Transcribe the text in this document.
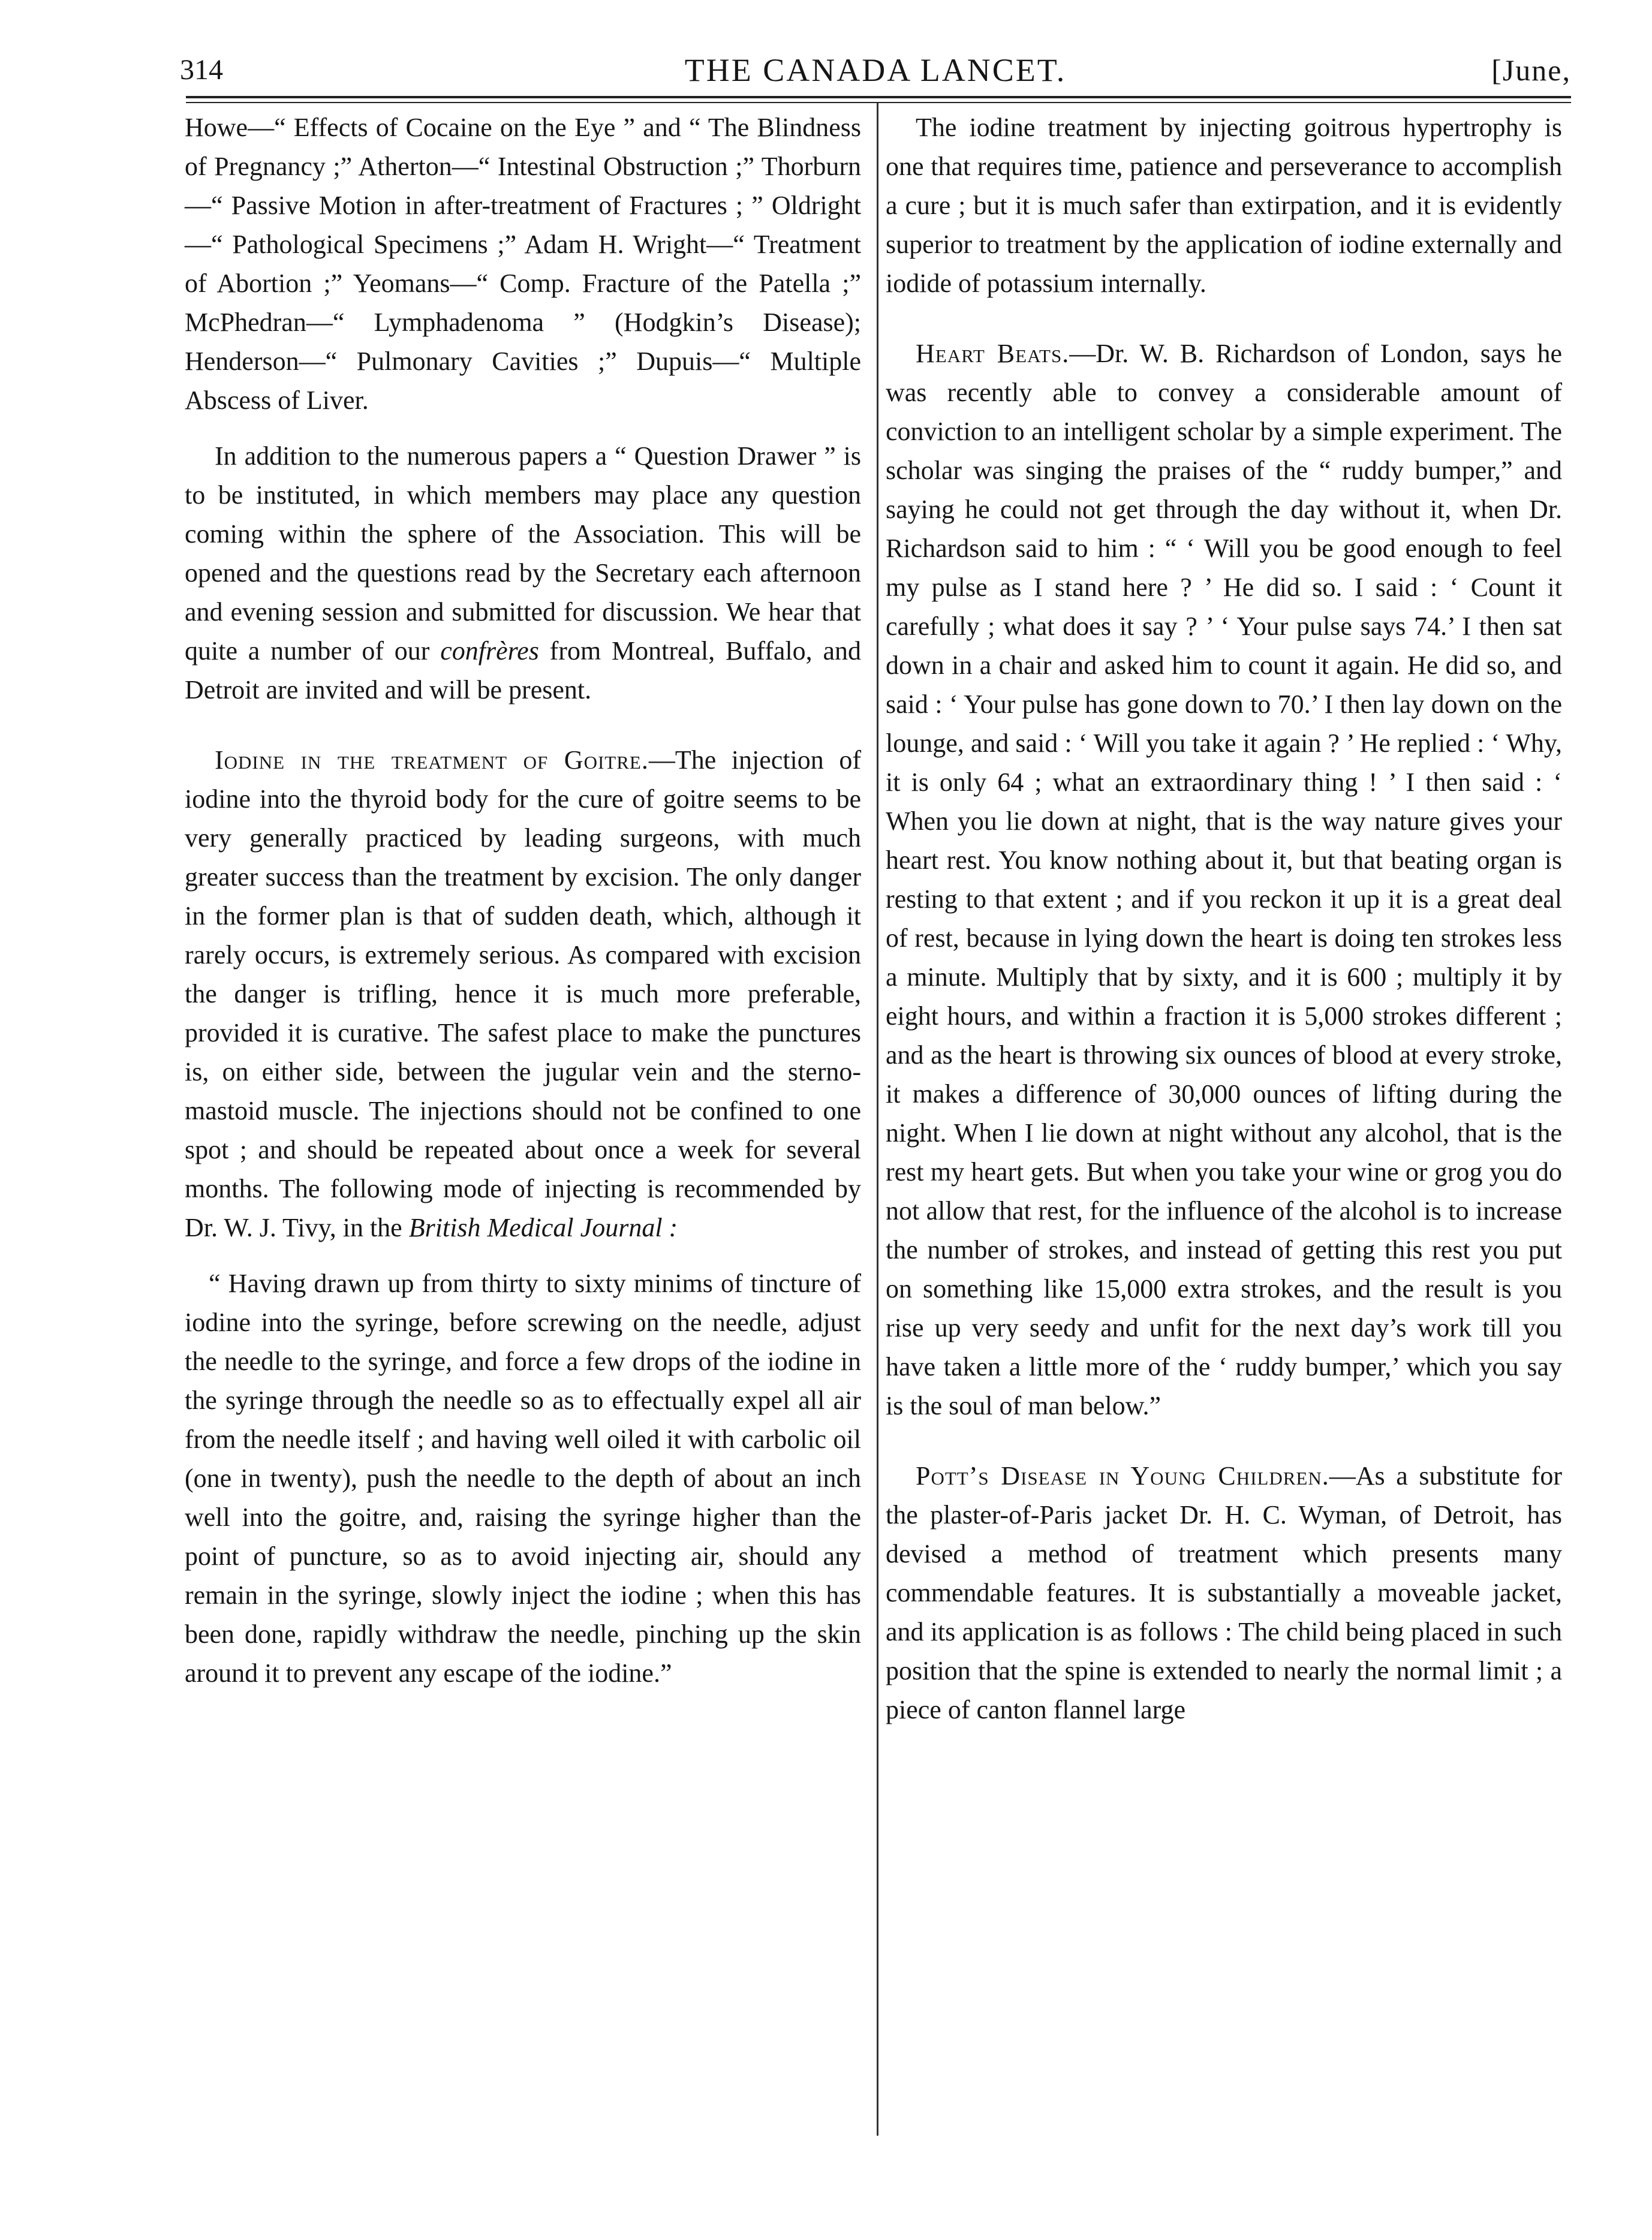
314	THE CANADA LANCET.	[June,

Howe—“ Effects of Cocaine on the Eye ” and “ The Blindness of Pregnancy ;” Atherton—“ Intestinal Obstruction ;” Thorburn—“ Passive Motion in after-treatment of Fractures ; ” Oldright—“ Pathological Specimens ;” Adam H. Wright—“ Treatment of Abortion ;” Yeomans—“ Comp. Fracture of the Patella ;” McPhedran—“ Lymphadenoma ” (Hodgkin’s Disease); Henderson—“ Pulmonary Cavities ;” Dupuis—“ Multiple Abscess of Liver.

In addition to the numerous papers a “ Question Drawer ” is to be instituted, in which members may place any question coming within the sphere of the Association. This will be opened and the questions read by the Secretary each afternoon and evening session and submitted for discussion. We hear that quite a number of our confrères from Montreal, Buffalo, and Detroit are invited and will be present.

Iodine in the treatment of Goitre.—The injection of iodine into the thyroid body for the cure of goitre seems to be very generally practiced by leading surgeons, with much greater success than the treatment by excision. The only danger in the former plan is that of sudden death, which, although it rarely occurs, is extremely serious. As compared with excision the danger is trifling, hence it is much more preferable, provided it is curative. The safest place to make the punctures is, on either side, between the jugular vein and the sterno-mastoid muscle. The injections should not be confined to one spot ; and should be repeated about once a week for several months. The following mode of injecting is recommended by Dr. W. J. Tivy, in the British Medical Journal :

“ Having drawn up from thirty to sixty minims of tincture of iodine into the syringe, before screwing on the needle, adjust the needle to the syringe, and force a few drops of the iodine in the syringe through the needle so as to effectually expel all air from the needle itself ; and having well oiled it with carbolic oil (one in twenty), push the needle to the depth of about an inch well into the goitre, and, raising the syringe higher than the point of puncture, so as to avoid injecting air, should any remain in the syringe, slowly inject the iodine ; when this has been done, rapidly withdraw the needle, pinching up the skin around it to prevent any escape of the iodine.”

The iodine treatment by injecting goitrous hypertrophy is one that requires time, patience and perseverance to accomplish a cure ; but it is much safer than extirpation, and it is evidently superior to treatment by the application of iodine externally and iodide of potassium internally.

Heart Beats.—Dr. W. B. Richardson of London, says he was recently able to convey a considerable amount of conviction to an intelligent scholar by a simple experiment. The scholar was singing the praises of the “ ruddy bumper,” and saying he could not get through the day without it, when Dr. Richardson said to him : “ ‘ Will you be good enough to feel my pulse as I stand here ? ’ He did so. I said : ‘ Count it carefully ; what does it say ? ’ ‘ Your pulse says 74.’ I then sat down in a chair and asked him to count it again. He did so, and said : ‘ Your pulse has gone down to 70.’ I then lay down on the lounge, and said : ‘ Will you take it again ? ’ He replied : ‘ Why, it is only 64 ; what an extraordinary thing ! ’ I then said : ‘ When you lie down at night, that is the way nature gives your heart rest. You know nothing about it, but that beating organ is resting to that extent ; and if you reckon it up it is a great deal of rest, because in lying down the heart is doing ten strokes less a minute. Multiply that by sixty, and it is 600 ; multiply it by eight hours, and within a fraction it is 5,000 strokes different ; and as the heart is throwing six ounces of blood at every stroke, it makes a difference of 30,000 ounces of lifting during the night. When I lie down at night without any alcohol, that is the rest my heart gets. But when you take your wine or grog you do not allow that rest, for the influence of the alcohol is to increase the number of strokes, and instead of getting this rest you put on something like 15,000 extra strokes, and the result is you rise up very seedy and unfit for the next day’s work till you have taken a little more of the ‘ ruddy bumper,’ which you say is the soul of man below.”

Pott’s Disease in Young Children.—As a substitute for the plaster-of-Paris jacket Dr. H. C. Wyman, of Detroit, has devised a method of treatment which presents many commendable features. It is substantially a moveable jacket, and its application is as follows : The child being placed in such position that the spine is extended to nearly the normal limit ; a piece of canton flannel large
